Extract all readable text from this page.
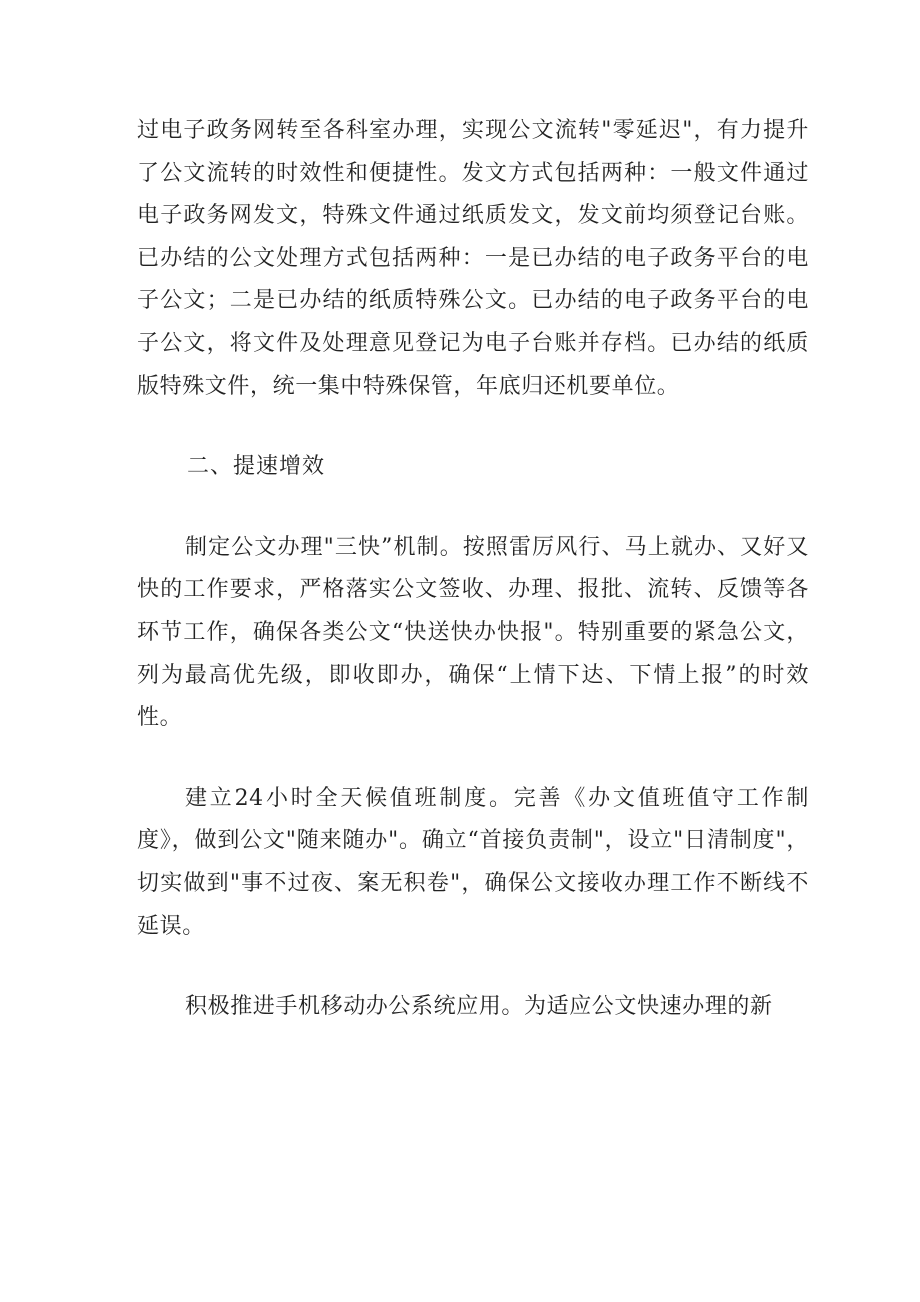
过电子政务网转至各科室办理，实现公文流转"零延迟"，有力提升了公文流转的时效性和便捷性。发文方式包括两种：一般文件通过电子政务网发文，特殊文件通过纸质发文，发文前均须登记台账。已办结的公文处理方式包括两种：一是已办结的电子政务平台的电子公文；二是已办结的纸质特殊公文。已办结的电子政务平台的电子公文，将文件及处理意见登记为电子台账并存档。已办结的纸质版特殊文件，统一集中特殊保管，年底归还机要单位。

二、提速增效

制定公文办理"三快”机制。按照雷厉风行、马上就办、又好又快的工作要求，严格落实公文签收、办理、报批、流转、反馈等各环节工作，确保各类公文“快送快办快报"。特别重要的紧急公文，列为最高优先级，即收即办，确保“上情下达、下情上报”的时效性。

建立24小时全天候值班制度。完善《办文值班值守工作制度》，做到公文"随来随办"。确立“首接负责制"，设立"日清制度"，切实做到"事不过夜、案无积卷"，确保公文接收办理工作不断线不延误。

积极推进手机移动办公系统应用。为适应公文快速办理的新
